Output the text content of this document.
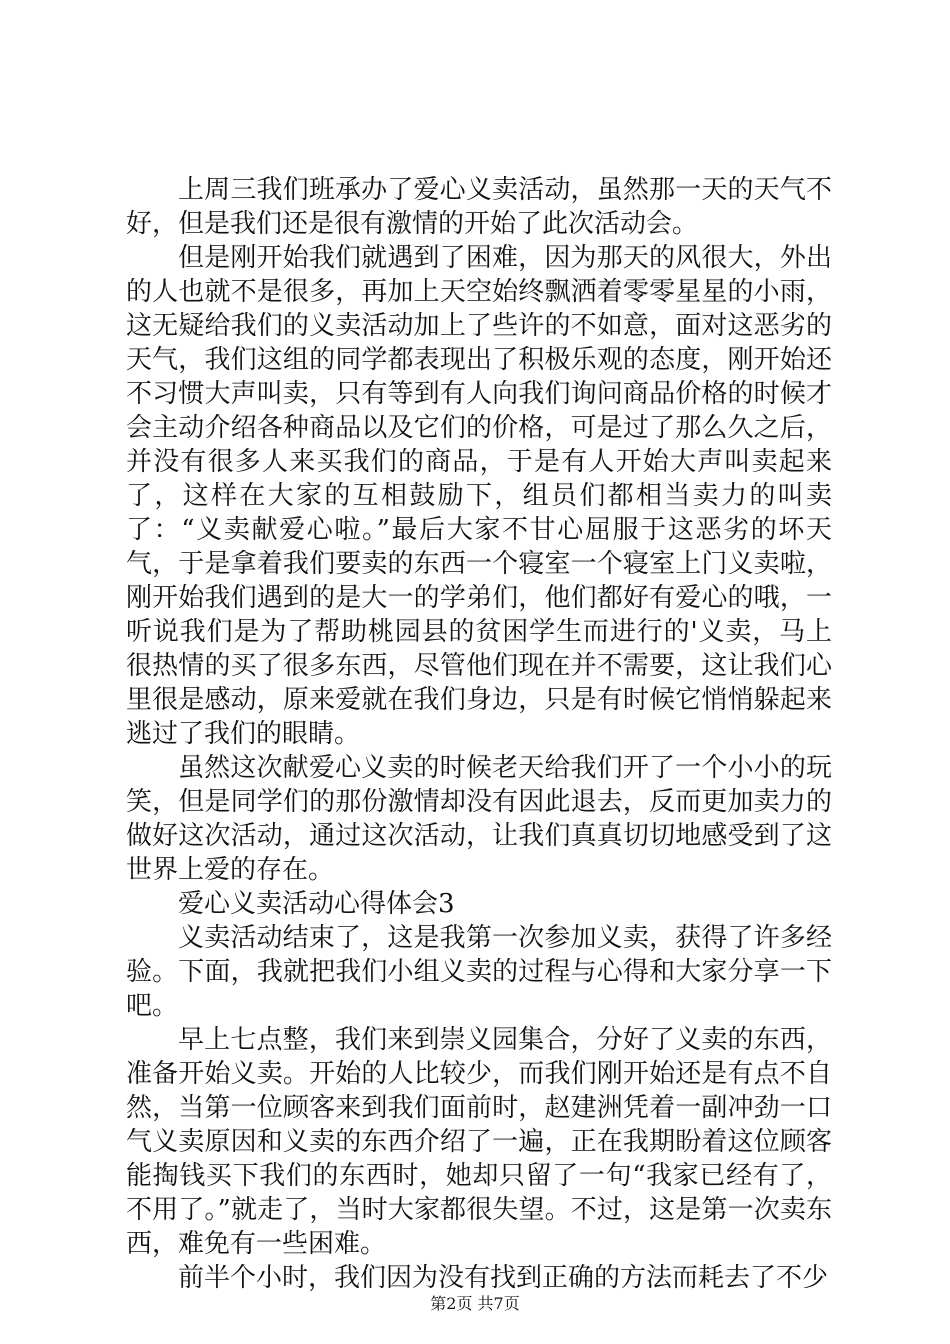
上周三我们班承办了爱心义卖活动，虽然那一天的天气不好，但是我们还是很有激情的开始了此次活动会。

但是刚开始我们就遇到了困难，因为那天的风很大，外出的人也就不是很多，再加上天空始终飘洒着零零星星的小雨，这无疑给我们的义卖活动加上了些许的不如意，面对这恶劣的天气，我们这组的同学都表现出了积极乐观的态度，刚开始还不习惯大声叫卖，只有等到有人向我们询问商品价格的时候才会主动介绍各种商品以及它们的价格，可是过了那么久之后，并没有很多人来买我们的商品，于是有人开始大声叫卖起来了，这样在大家的互相鼓励下，组员们都相当卖力的叫卖了：“义卖献爱心啦。”最后大家不甘心屈服于这恶劣的坏天气，于是拿着我们要卖的东西一个寝室一个寝室上门义卖啦，刚开始我们遇到的是大一的学弟们，他们都好有爱心的哦，一听说我们是为了帮助桃园县的贫困学生而进行的'义卖，马上很热情的买了很多东西，尽管他们现在并不需要，这让我们心里很是感动，原来爱就在我们身边，只是有时候它悄悄躲起来逃过了我们的眼睛。

虽然这次献爱心义卖的时候老天给我们开了一个小小的玩笑，但是同学们的那份激情却没有因此退去，反而更加卖力的做好这次活动，通过这次活动，让我们真真切切地感受到了这世界上爱的存在。

爱心义卖活动心得体会3

义卖活动结束了，这是我第一次参加义卖，获得了许多经验。下面，我就把我们小组义卖的过程与心得和大家分享一下吧。

早上七点整，我们来到崇义园集合，分好了义卖的东西，准备开始义卖。开始的人比较少，而我们刚开始还是有点不自然，当第一位顾客来到我们面前时，赵建洲凭着一副冲劲一口气义卖原因和义卖的东西介绍了一遍，正在我期盼着这位顾客能掏钱买下我们的东西时，她却只留了一句“我家已经有了，不用了。”就走了，当时大家都很失望。不过，这是第一次卖东西，难免有一些困难。

前半个小时，我们因为没有找到正确的方法而耗去了不少

第2页 共7页
